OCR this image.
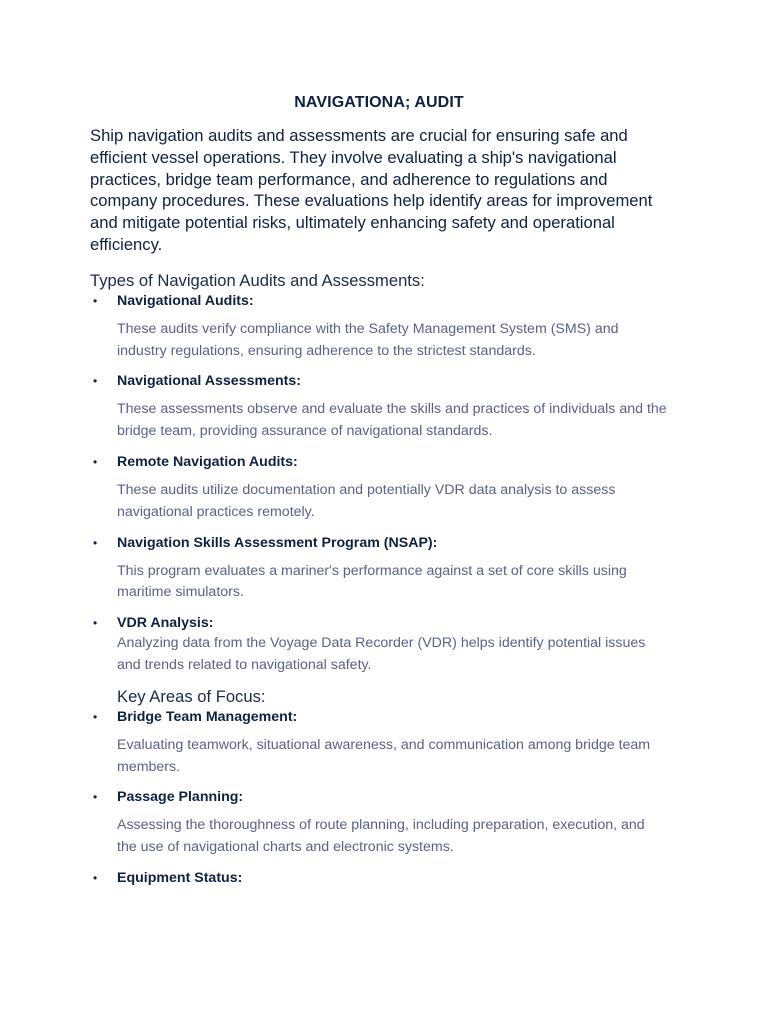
NAVIGATIONA; AUDIT

Ship navigation audits and assessments are crucial for ensuring safe and efficient vessel operations. They involve evaluating a ship's navigational practices, bridge team performance, and adherence to regulations and company procedures. These evaluations help identify areas for improvement and mitigate potential risks, ultimately enhancing safety and operational efficiency.

Types of Navigation Audits and Assessments:

• Navigational Audits:
These audits verify compliance with the Safety Management System (SMS) and industry regulations, ensuring adherence to the strictest standards.
• Navigational Assessments:
These assessments observe and evaluate the skills and practices of individuals and the bridge team, providing assurance of navigational standards.
• Remote Navigation Audits:
These audits utilize documentation and potentially VDR data analysis to assess navigational practices remotely.
• Navigation Skills Assessment Program (NSAP):
This program evaluates a mariner's performance against a set of core skills using maritime simulators.
• VDR Analysis:
Analyzing data from the Voyage Data Recorder (VDR) helps identify potential issues and trends related to navigational safety.

Key Areas of Focus:

• Bridge Team Management:
Evaluating teamwork, situational awareness, and communication among bridge team members.
• Passage Planning:
Assessing the thoroughness of route planning, including preparation, execution, and the use of navigational charts and electronic systems.
• Equipment Status:
